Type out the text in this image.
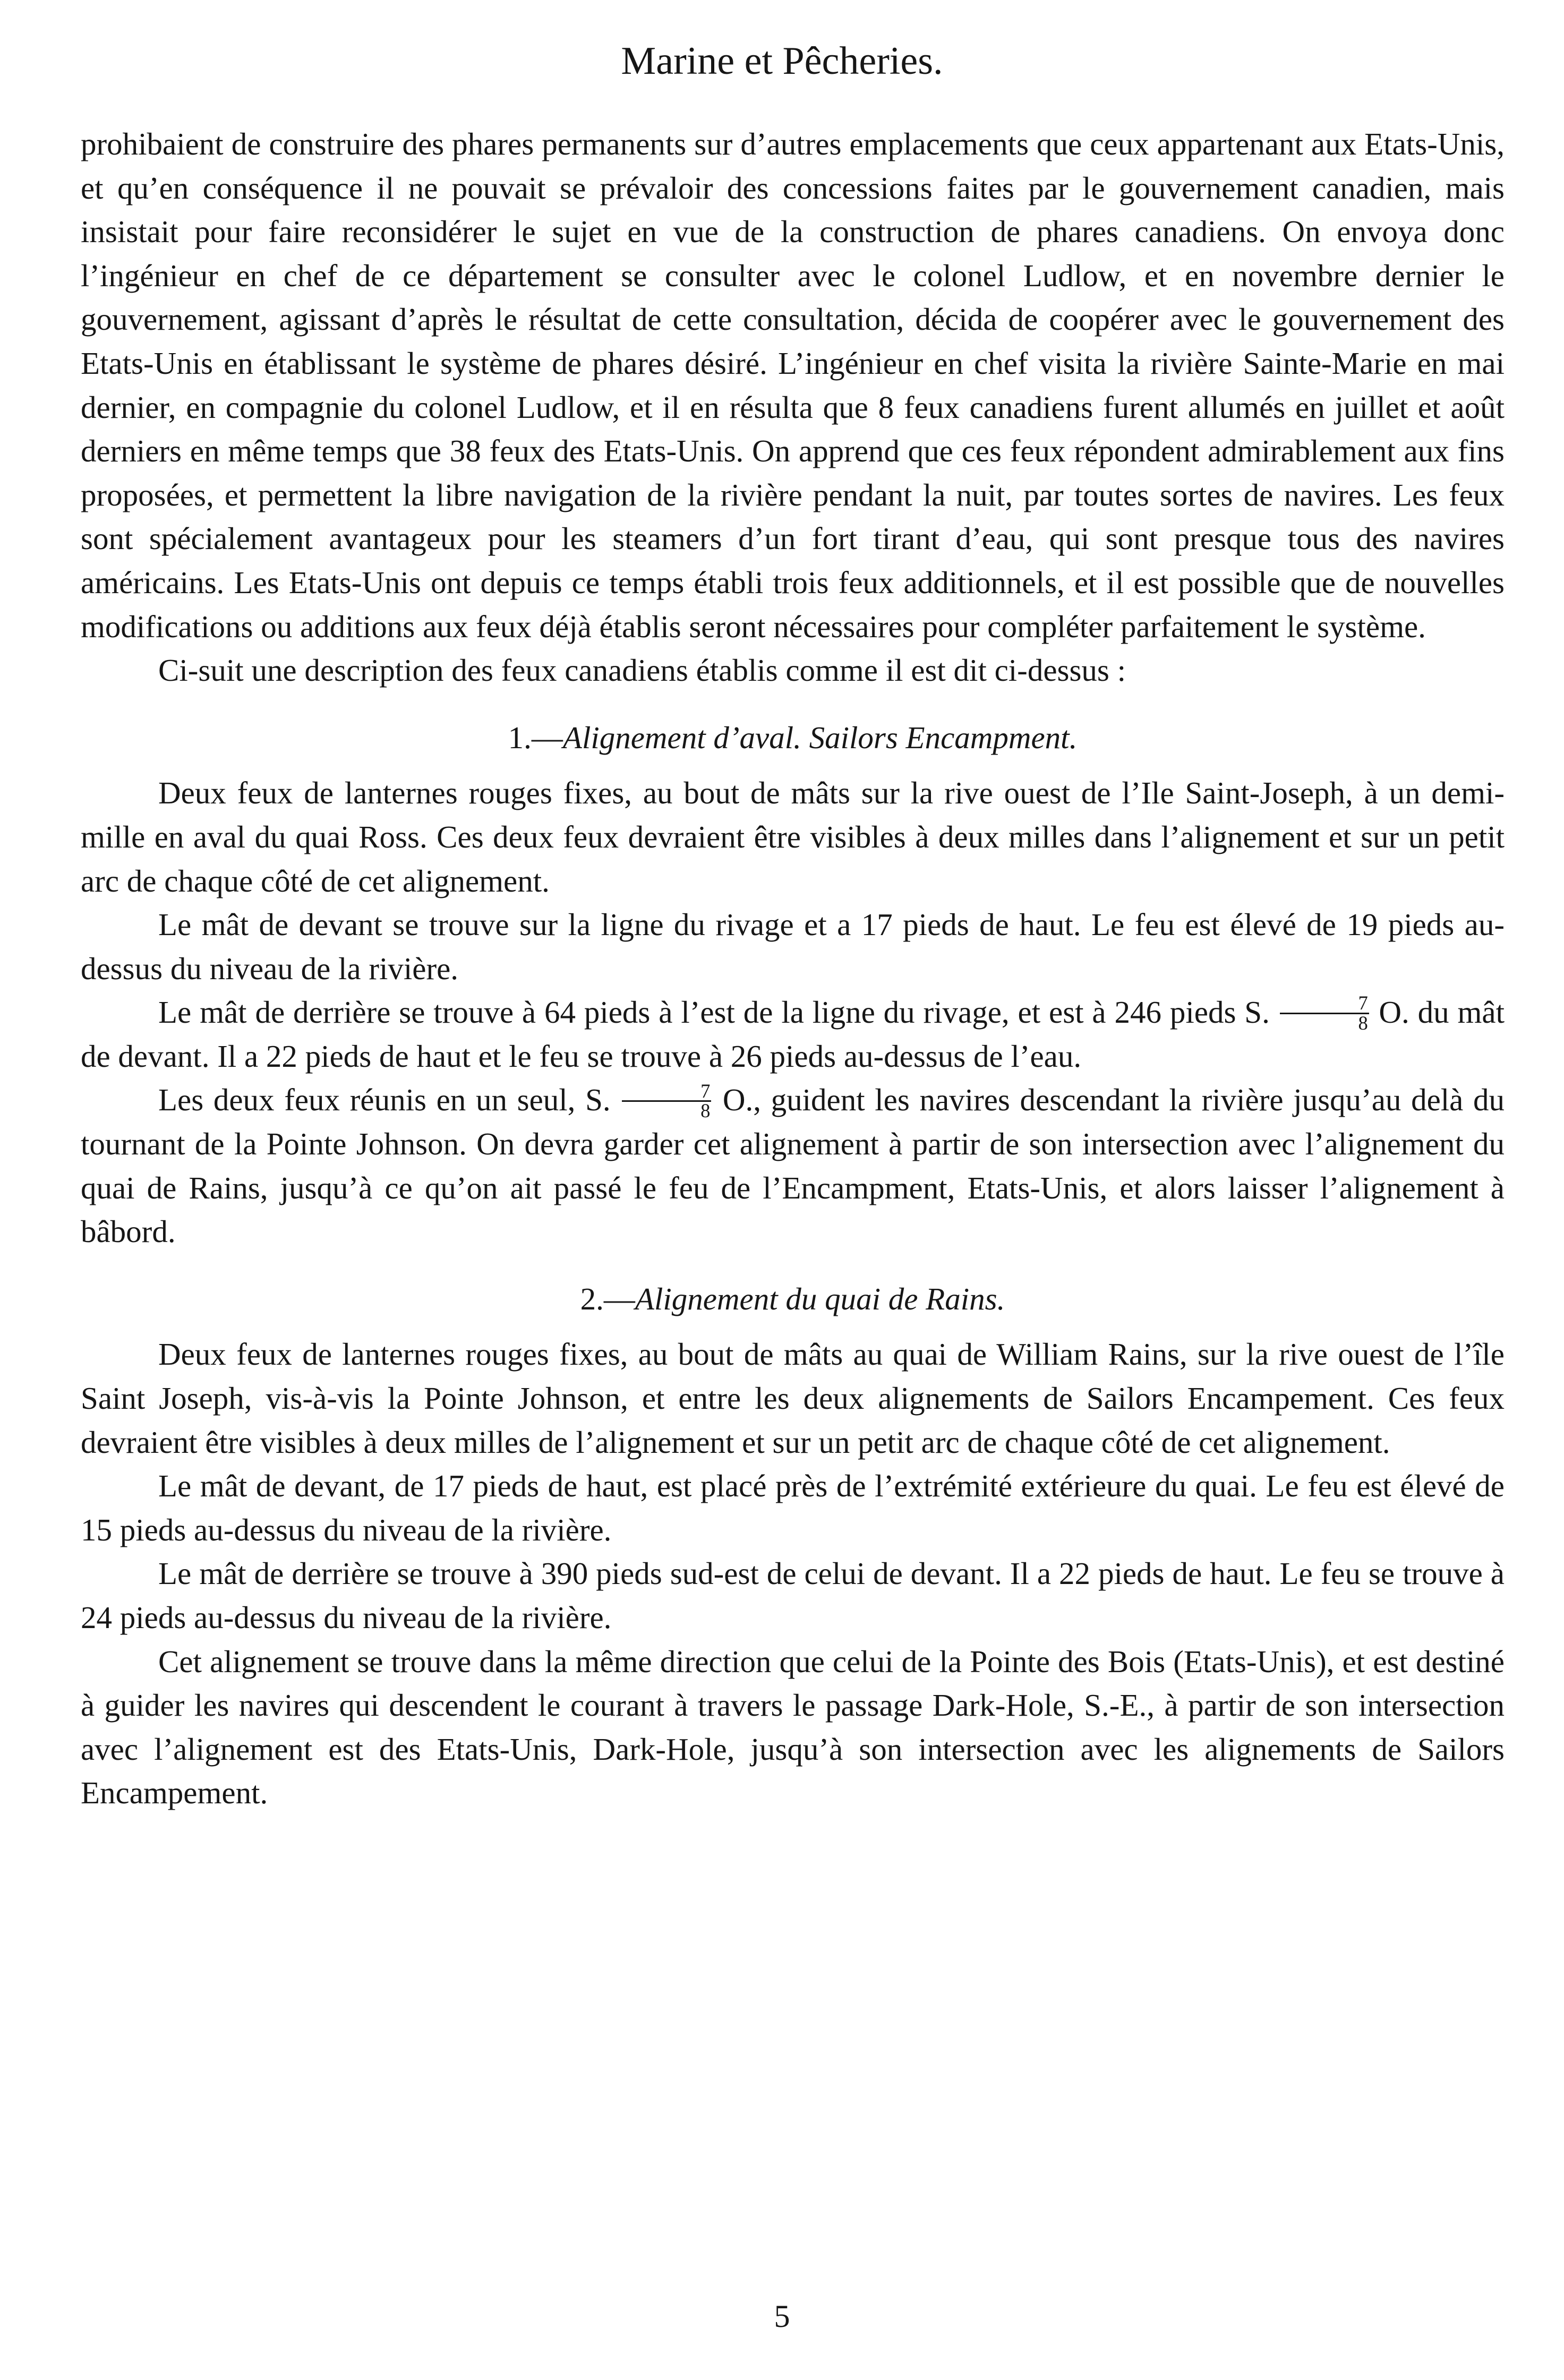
Marine et Pêcheries.

prohibaient de construire des phares permanents sur d’autres emplacements que ceux appartenant aux Etats-Unis, et qu’en conséquence il ne pouvait se prévaloir des concessions faites par le gouvernement canadien, mais insistait pour faire reconsidérer le sujet en vue de la construction de phares canadiens. On envoya donc l’ingénieur en chef de ce département se consulter avec le colonel Ludlow, et en novembre dernier le gouvernement, agissant d’après le résultat de cette consultation, décida de coopérer avec le gouvernement des Etats-Unis en établissant le système de phares désiré. L’ingénieur en chef visita la rivière Sainte-Marie en mai dernier, en compagnie du colonel Ludlow, et il en résulta que 8 feux canadiens furent allumés en juillet et août derniers en même temps que 38 feux des Etats-Unis. On apprend que ces feux répondent admirablement aux fins proposées, et permettent la libre navigation de la rivière pendant la nuit, par toutes sortes de navires. Les feux sont spécialement avantageux pour les steamers d’un fort tirant d’eau, qui sont presque tous des navires américains. Les Etats-Unis ont depuis ce temps établi trois feux additionnels, et il est possible que de nouvelles modifications ou additions aux feux déjà établis seront nécessaires pour compléter parfaitement le système.

Ci-suit une description des feux canadiens établis comme il est dit ci-dessus :

1.—Alignement d’aval. Sailors Encampment.

Deux feux de lanternes rouges fixes, au bout de mâts sur la rive ouest de l’Ile Saint-Joseph, à un demi-mille en aval du quai Ross. Ces deux feux devraient être visibles à deux milles dans l’alignement et sur un petit arc de chaque côté de cet alignement.

Le mât de devant se trouve sur la ligne du rivage et a 17 pieds de haut. Le feu est élevé de 19 pieds au-dessus du niveau de la rivière.

Le mât de derrière se trouve à 64 pieds à l’est de la ligne du rivage, et est à 246 pieds S. $\frac{7}{8} O$. du mât de devant. Il a 22 pieds de haut et le feu se trouve à 26 pieds au-dessus de l’eau.

Les deux feux réunis en un seul, S. $\frac{7}{8} O$., guident les navires descendant la rivière jusqu’au delà du tournant de la Pointe Johnson. On devra garder cet alignement à partir de son intersection avec l’alignement du quai de Rains, jusqu’à ce qu’on ait passé le feu de l’Encampment, Etats-Unis, et alors laisser l’alignement à bâbord.

2.—Alignement du quai de Rains.

Deux feux de lanternes rouges fixes, au bout de mâts au quai de William Rains, sur la rive ouest de l’île Saint Joseph, vis-à-vis la Pointe Johnson, et entre les deux alignements de Sailors Encampement. Ces feux devraient être visibles à deux milles de l’alignement et sur un petit arc de chaque côté de cet alignement.

Le mât de devant, de 17 pieds de haut, est placé près de l’extrémité extérieure du quai. Le feu est élevé de 15 pieds au-dessus du niveau de la rivière.

Le mât de derrière se trouve à 390 pieds sud-est de celui de devant. Il a 22 pieds de haut. Le feu se trouve à 24 pieds au-dessus du niveau de la rivière.

Cet alignement se trouve dans la même direction que celui de la Pointe des Bois (Etats-Unis), et est destiné à guider les navires qui descendent le courant à travers le passage Dark-Hole, S.-E., à partir de son intersection avec l’alignement est des Etats-Unis, Dark-Hole, jusqu’à son intersection avec les alignements de Sailors Encampement.

5
